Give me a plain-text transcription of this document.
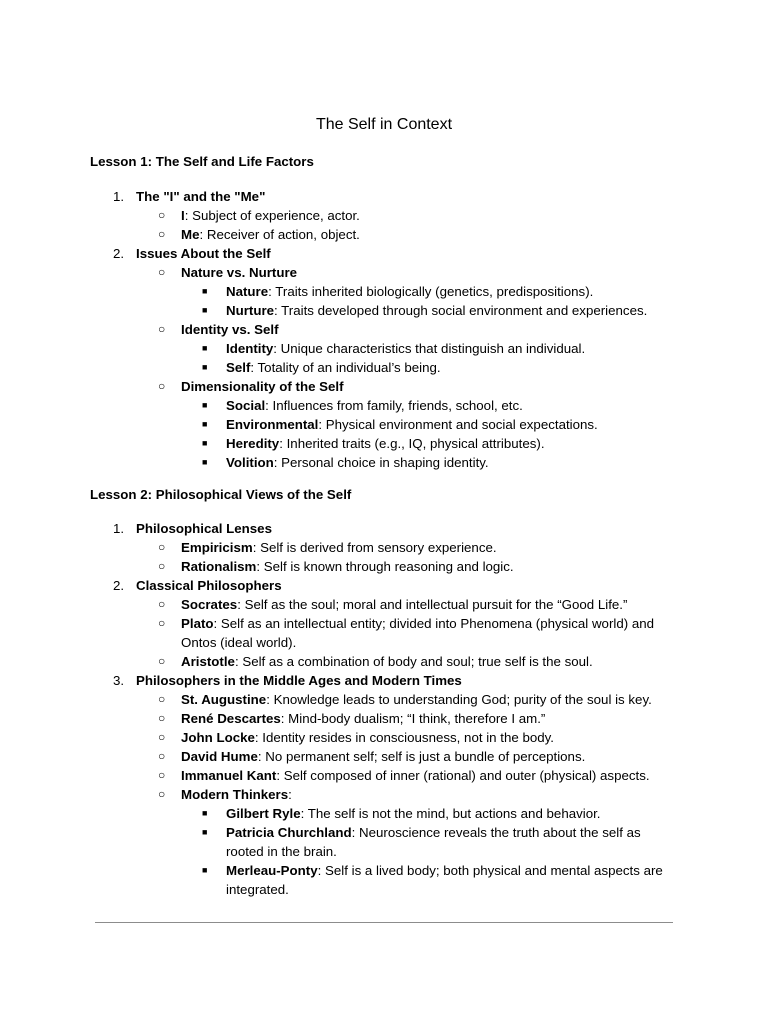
The Self in Context
Lesson 1: The Self and Life Factors
1. The "I" and the "Me"
○ I: Subject of experience, actor.
○ Me: Receiver of action, object.
2. Issues About the Self
○ Nature vs. Nurture
■ Nature: Traits inherited biologically (genetics, predispositions).
■ Nurture: Traits developed through social environment and experiences.
○ Identity vs. Self
■ Identity: Unique characteristics that distinguish an individual.
■ Self: Totality of an individual’s being.
○ Dimensionality of the Self
■ Social: Influences from family, friends, school, etc.
■ Environmental: Physical environment and social expectations.
■ Heredity: Inherited traits (e.g., IQ, physical attributes).
■ Volition: Personal choice in shaping identity.
Lesson 2: Philosophical Views of the Self
1. Philosophical Lenses
○ Empiricism: Self is derived from sensory experience.
○ Rationalism: Self is known through reasoning and logic.
2. Classical Philosophers
○ Socrates: Self as the soul; moral and intellectual pursuit for the “Good Life.”
○ Plato: Self as an intellectual entity; divided into Phenomena (physical world) and Ontos (ideal world).
○ Aristotle: Self as a combination of body and soul; true self is the soul.
3. Philosophers in the Middle Ages and Modern Times
○ St. Augustine: Knowledge leads to understanding God; purity of the soul is key.
○ René Descartes: Mind-body dualism; “I think, therefore I am.”
○ John Locke: Identity resides in consciousness, not in the body.
○ David Hume: No permanent self; self is just a bundle of perceptions.
○ Immanuel Kant: Self composed of inner (rational) and outer (physical) aspects.
○ Modern Thinkers:
■ Gilbert Ryle: The self is not the mind, but actions and behavior.
■ Patricia Churchland: Neuroscience reveals the truth about the self as rooted in the brain.
■ Merleau-Ponty: Self is a lived body; both physical and mental aspects are integrated.
